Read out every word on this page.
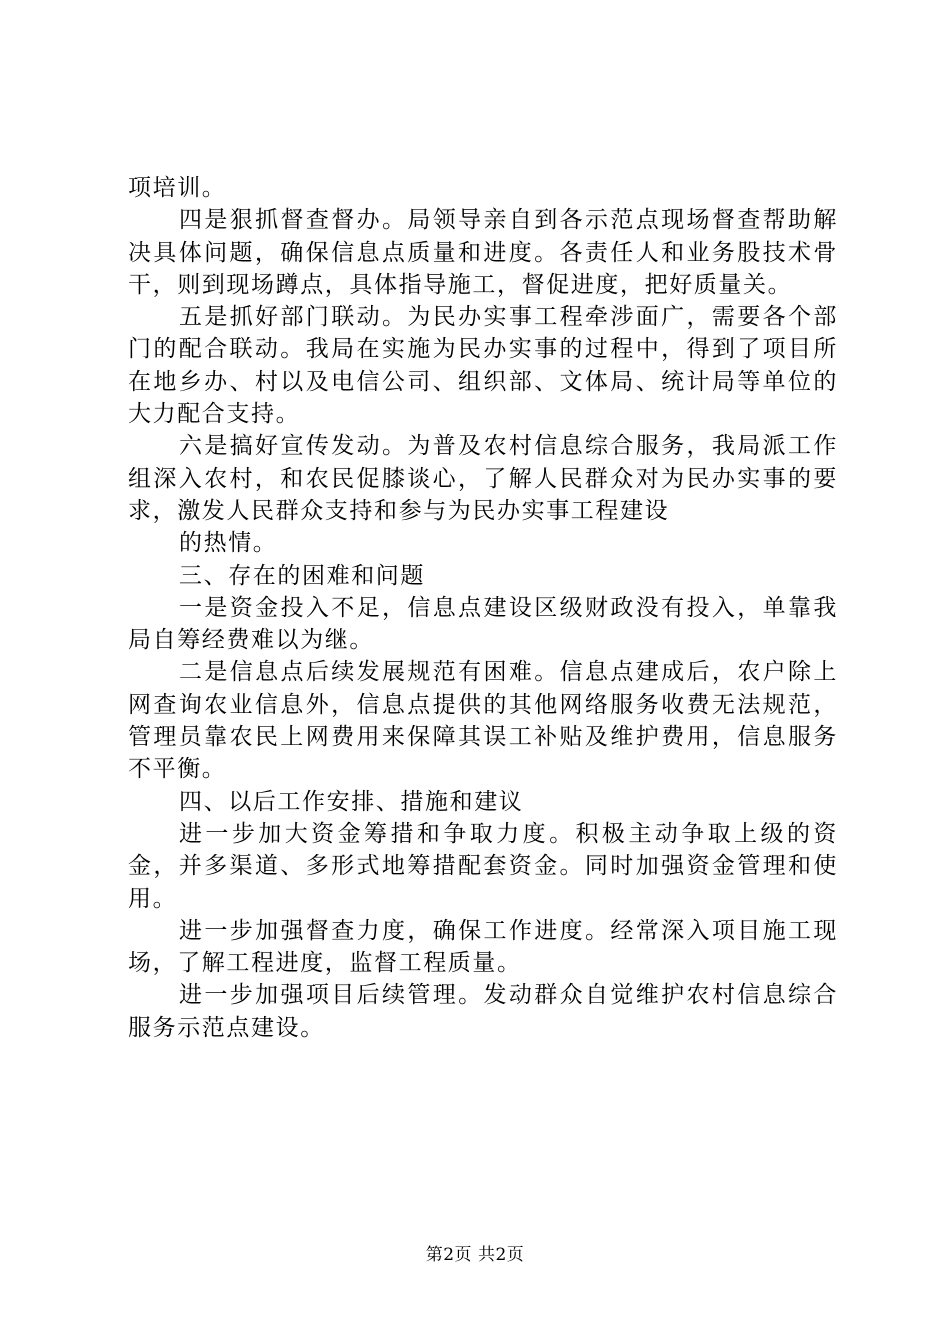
项培训。

四是狠抓督查督办。局领导亲自到各示范点现场督查帮助解决具体问题，确保信息点质量和进度。各责任人和业务股技术骨干，则到现场蹲点，具体指导施工，督促进度，把好质量关。

五是抓好部门联动。为民办实事工程牵涉面广，需要各个部门的配合联动。我局在实施为民办实事的过程中，得到了项目所在地乡办、村以及电信公司、组织部、文体局、统计局等单位的大力配合支持。

六是搞好宣传发动。为普及农村信息综合服务，我局派工作组深入农村，和农民促膝谈心，了解人民群众对为民办实事的要求，激发人民群众支持和参与为民办实事工程建设

的热情。

三、存在的困难和问题

一是资金投入不足，信息点建设区级财政没有投入，单靠我局自筹经费难以为继。

二是信息点后续发展规范有困难。信息点建成后，农户除上网查询农业信息外，信息点提供的其他网络服务收费无法规范，管理员靠农民上网费用来保障其误工补贴及维护费用，信息服务不平衡。

四、以后工作安排、措施和建议

进一步加大资金筹措和争取力度。积极主动争取上级的资金，并多渠道、多形式地筹措配套资金。同时加强资金管理和使用。

进一步加强督查力度，确保工作进度。经常深入项目施工现场，了解工程进度，监督工程质量。

进一步加强项目后续管理。发动群众自觉维护农村信息综合服务示范点建设。

第2页 共2页
